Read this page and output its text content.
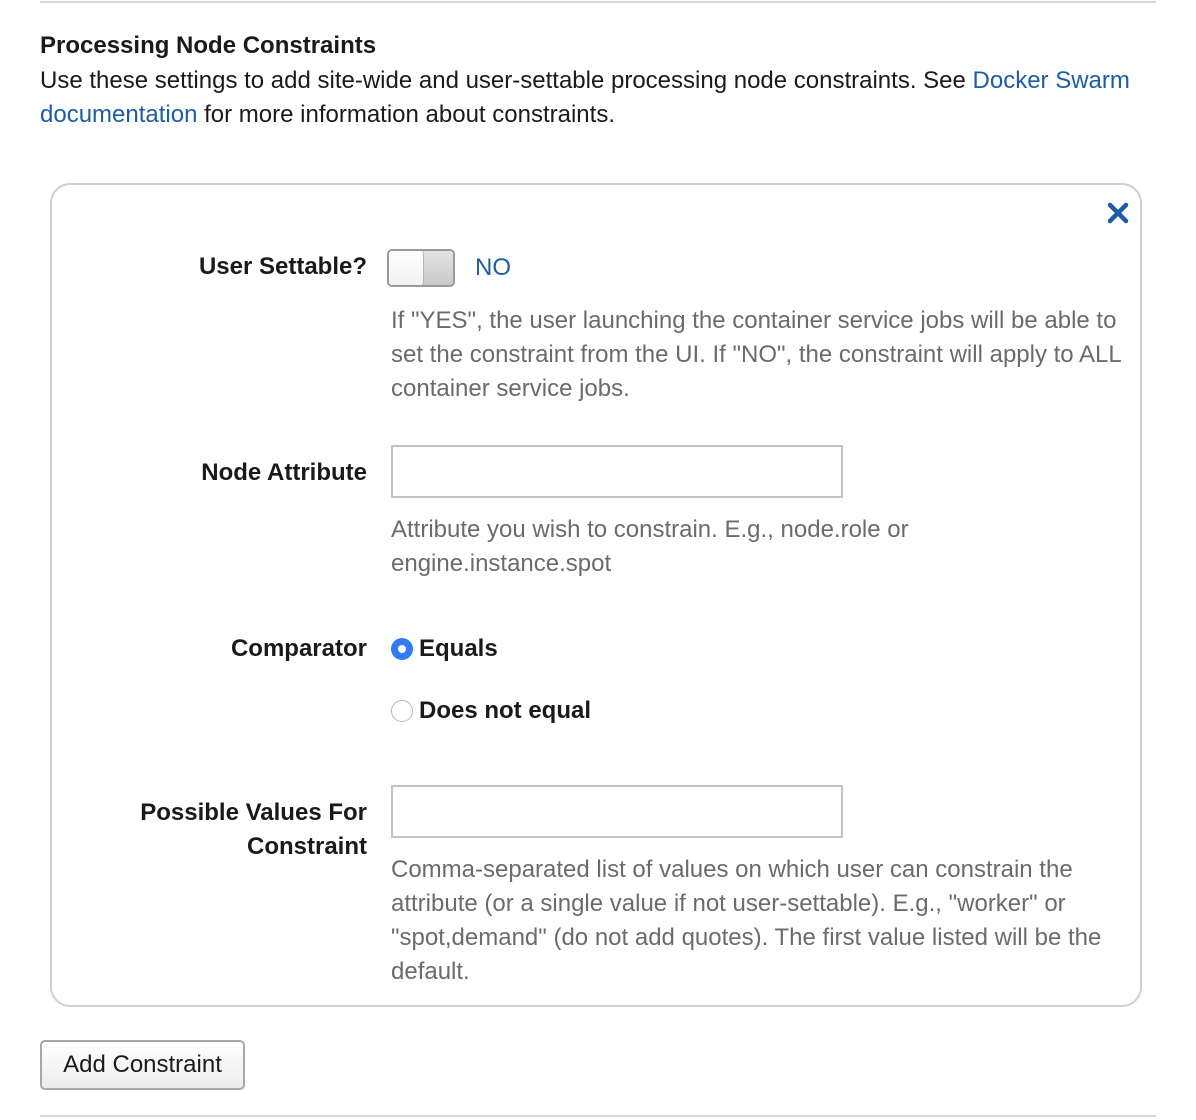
Processing Node Constraints

Use these settings to add site-wide and user-settable processing node constraints. See Docker Swarm documentation for more information about constraints.

User Settable?	NO

If "YES", the user launching the container service jobs will be able to set the constraint from the UI. If "NO", the constraint will apply to ALL container service jobs.

Node Attribute

Attribute you wish to constrain. E.g., node.role or engine.instance.spot

Comparator Equals
Does not equal
Possible Values For
Constraint

Comma-separated list of values on which user can constrain the attribute (or a single value if not user-settable). E.g., "worker" or "spot,demand" (do not add quotes). The first value listed will be the default.

Add Constraint
